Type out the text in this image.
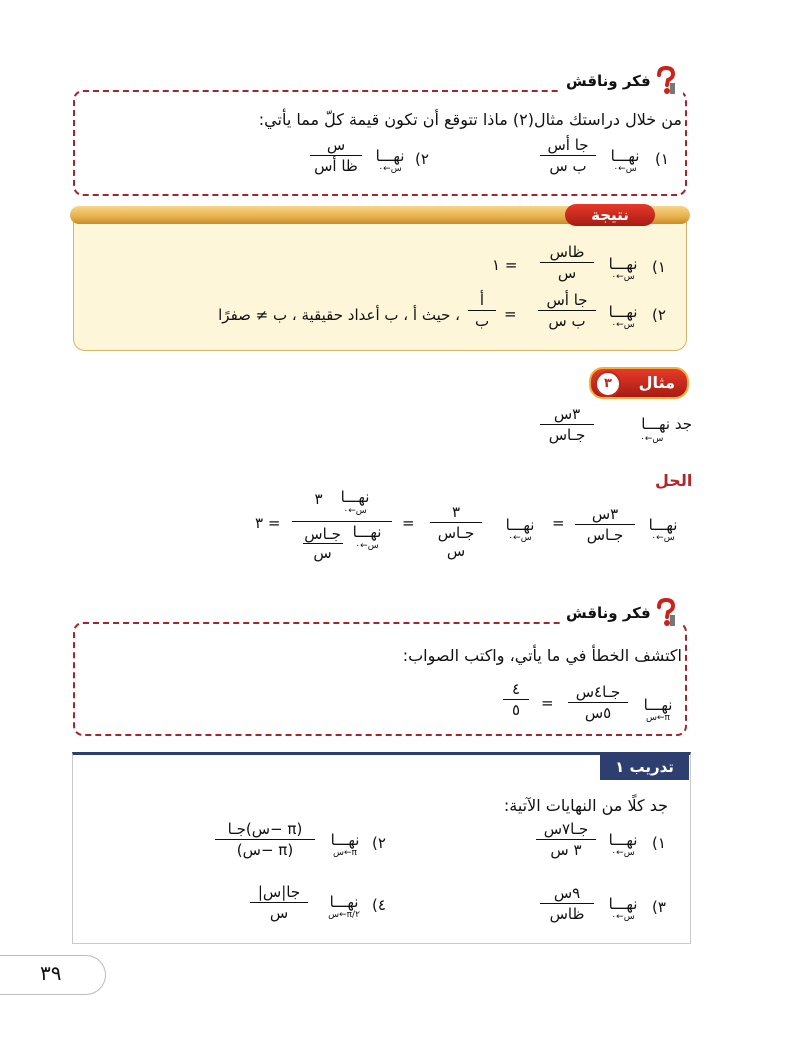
فكر وناقش
من خلال دراستك مثال(٢) ماذا تتوقع أن تكون قيمة كلّ مما يأتي:
١)
نهـــا
س←٠
جا أس
ب س
٢)
نهـــا
س←٠
س
ظا أس
نتيجة
١)
نهـــا
س←٠
ظاس
س
= ١
٢)
نهـــا
س←٠
جا أس
ب س
=
أ
ب
، حيث أ ، ب أعداد حقيقية ، ب ≠ صفرًا
مثال
٣
جد نهـــا
س←٠
٣س
جـاس
الحل
نهـــا
س←٠
٣س
جـاس
=
نهـــا
س←٠
٣
جـاس
س
=
نهـــا
س←٠
٣
نهـــا
س←٠
جـاس
س
= ٣
فكر وناقش
اكتشف الخطأ في ما يأتي، واكتب الصواب:
نهـــا
س←π
جـا٤س
٥س
=
٤
٥
تدريب ١
جد كلًا من النهايات الآتية:
١)
نهـــا
س←٠
جـا٧س
٣ س
٢)
نهـــا
س←π
جـا(س− π)
(س− π)
٣)
نهـــا
س←٠
٩س
ظاس
٤)
نهـــا
س←π/٢
|جا|س
س
٣٩
